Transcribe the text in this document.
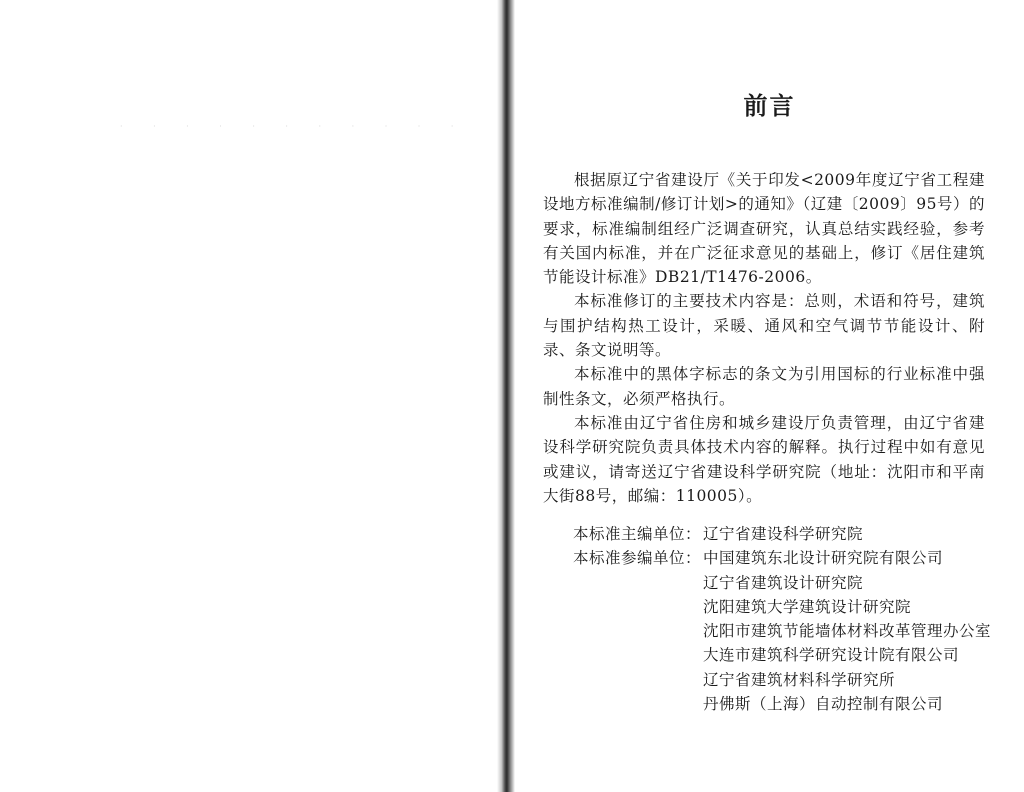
· · · · · · · · · · ·
前言

根据原辽宁省建设厅《关于印发<2009年度辽宁省工程建设地方标准编制/修订计划>的通知》（辽建〔2009〕95号）的要求，标准编制组经广泛调查研究，认真总结实践经验，参考有关国内标准，并在广泛征求意见的基础上，修订《居住建筑节能设计标准》DB21/T1476-2006。

本标准修订的主要技术内容是：总则，术语和符号，建筑与围护结构热工设计，采暖、通风和空气调节节能设计、附录、条文说明等。

本标准中的黑体字标志的条文为引用国标的行业标准中强制性条文，必须严格执行。

本标准由辽宁省住房和城乡建设厅负责管理，由辽宁省建设科学研究院负责具体技术内容的解释。执行过程中如有意见或建议，请寄送辽宁省建设科学研究院（地址：沈阳市和平南大街88号，邮编：110005）。

本标准主编单位： 辽宁省建设科学研究院
本标准参编单位： 中国建筑东北设计研究院有限公司
辽宁省建筑设计研究院
沈阳建筑大学建筑设计研究院
沈阳市建筑节能墙体材料改革管理办公室
大连市建筑科学研究设计院有限公司
辽宁省建筑材料科学研究所
丹佛斯（上海）自动控制有限公司
